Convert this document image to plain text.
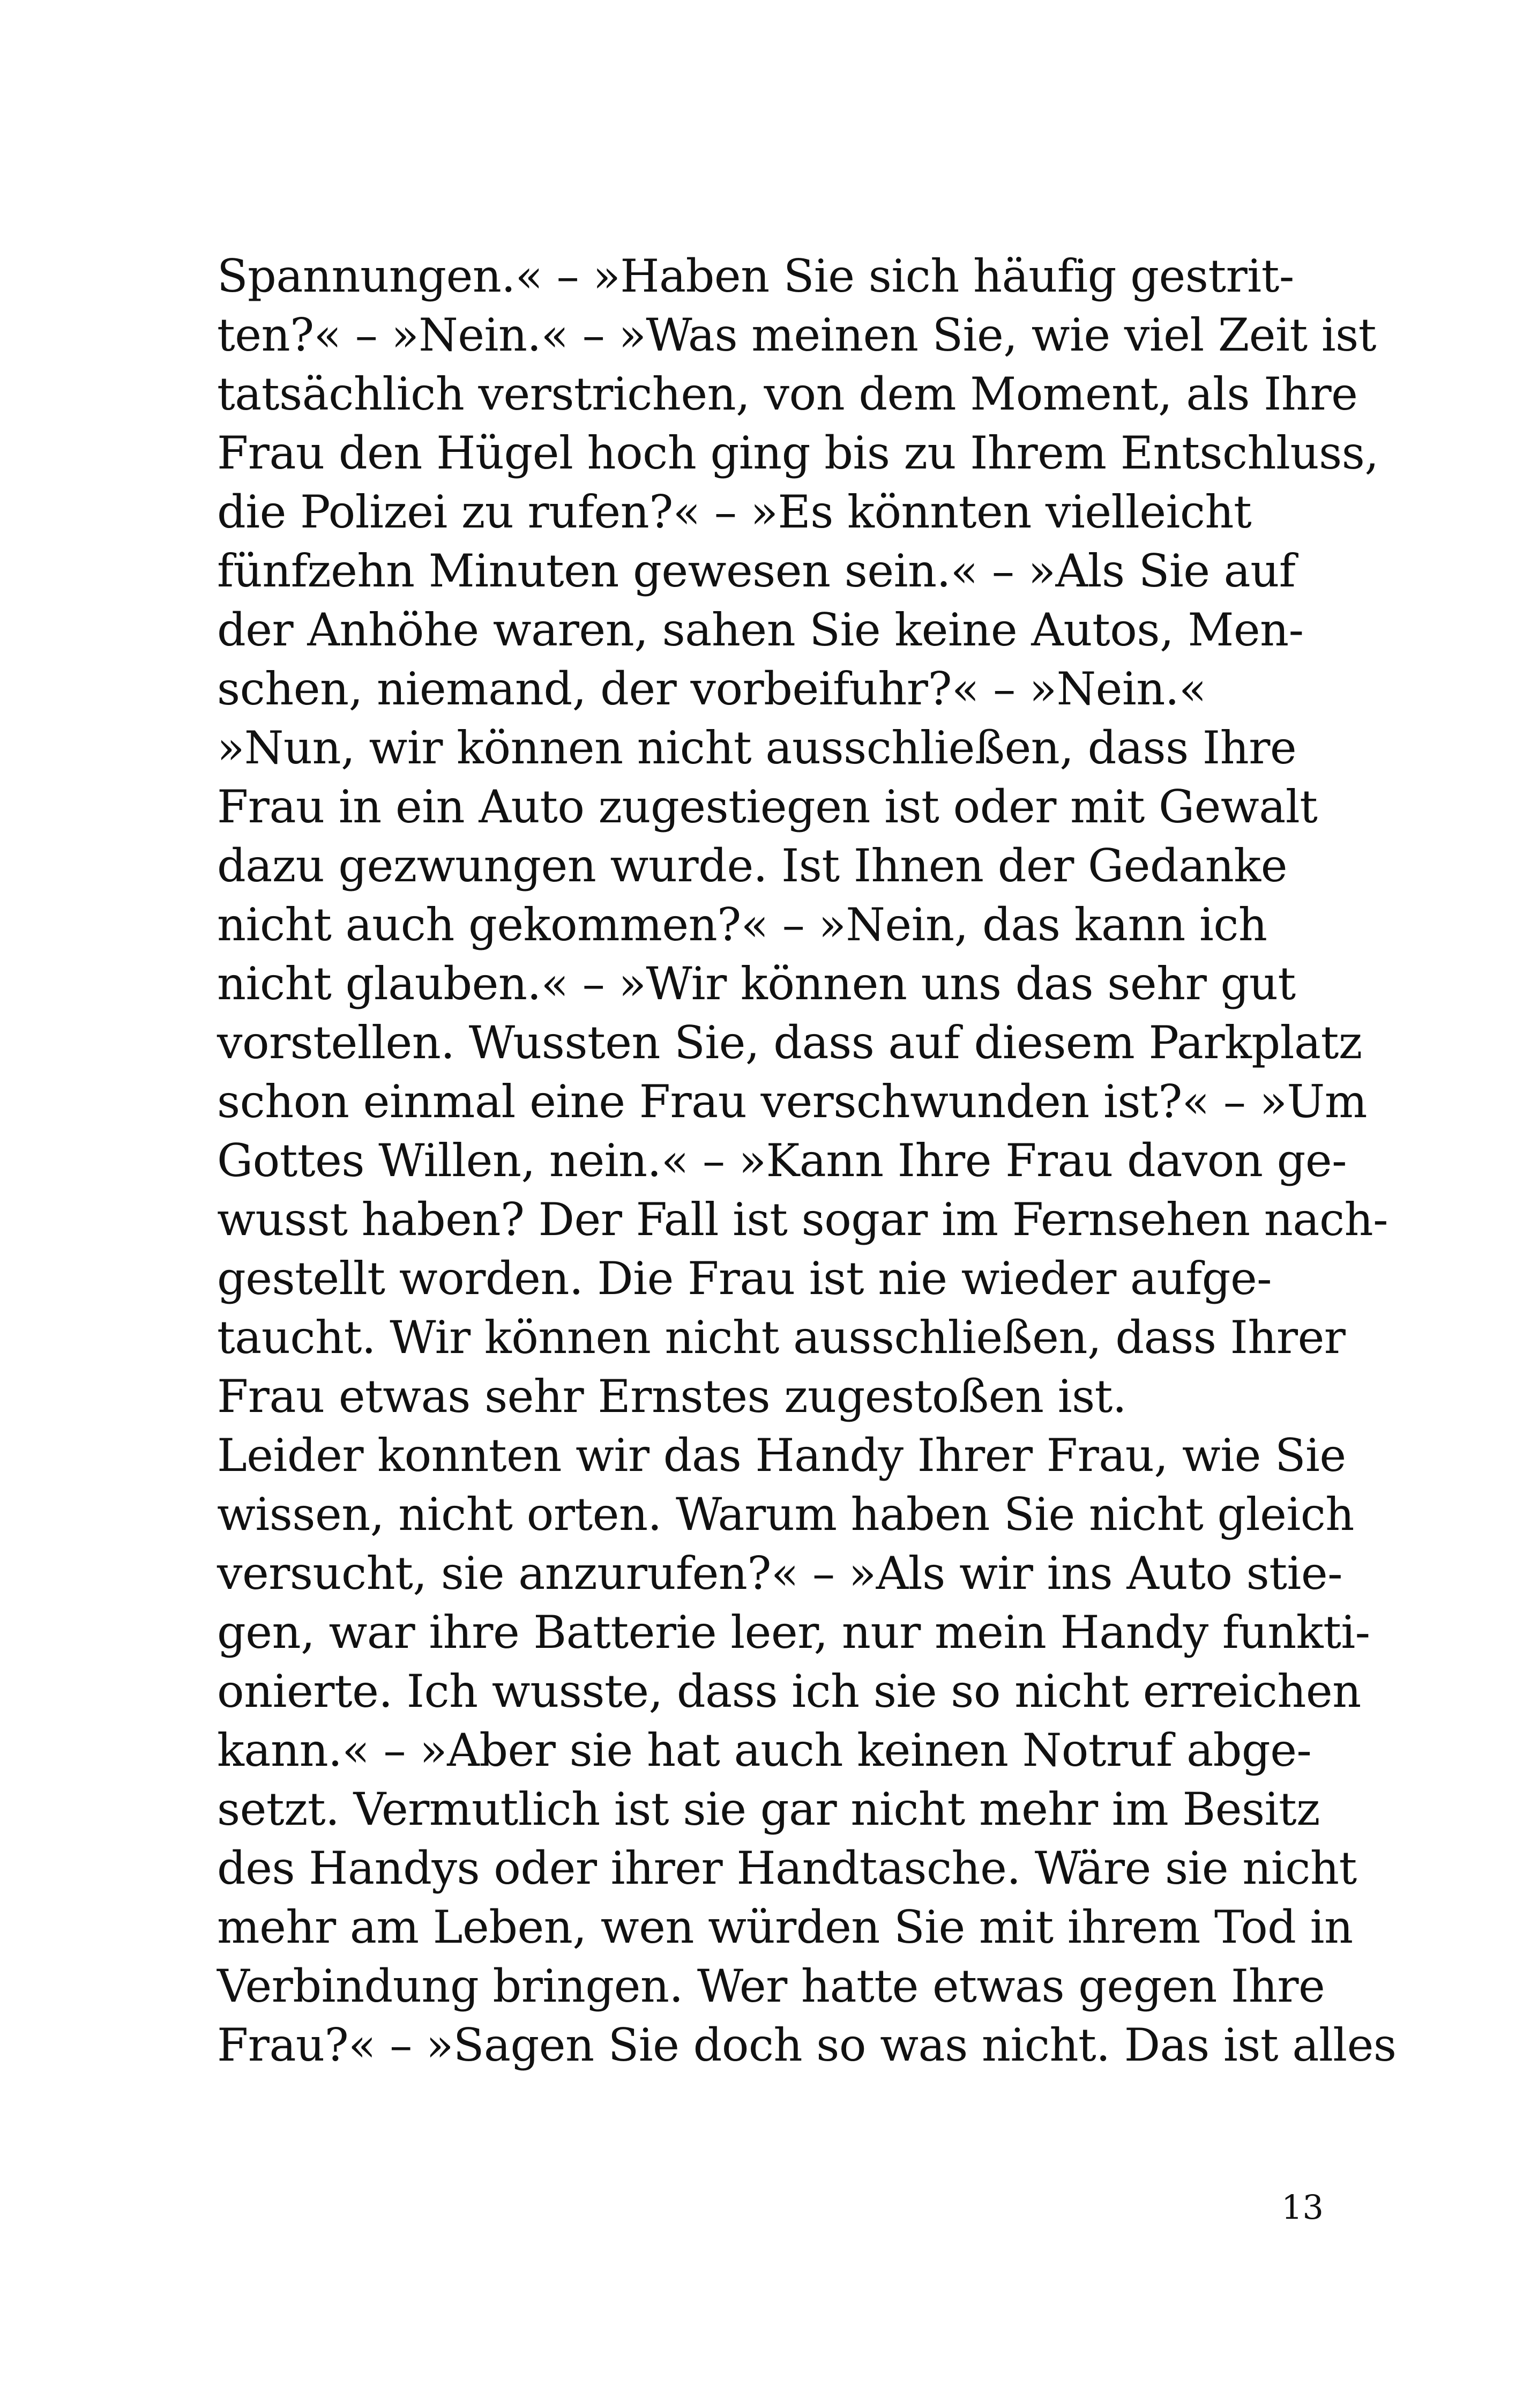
Spannungen.« – »Haben Sie sich häufig gestrit-
ten?« – »Nein.« – »Was meinen Sie, wie viel Zeit ist
tatsächlich verstrichen, von dem Moment, als Ihre
Frau den Hügel hoch ging bis zu Ihrem Entschluss,
die Polizei zu rufen?« – »Es könnten vielleicht
fünfzehn Minuten gewesen sein.« – »Als Sie auf
der Anhöhe waren, sahen Sie keine Autos, Men-
schen, niemand, der vorbeifuhr?« – »Nein.«
»Nun, wir können nicht ausschließen, dass Ihre
Frau in ein Auto zugestiegen ist oder mit Gewalt
dazu gezwungen wurde. Ist Ihnen der Gedanke
nicht auch gekommen?« – »Nein, das kann ich
nicht glauben.« – »Wir können uns das sehr gut
vorstellen. Wussten Sie, dass auf diesem Parkplatz
schon einmal eine Frau verschwunden ist?« – »Um
Gottes Willen, nein.« – »Kann Ihre Frau davon ge-
wusst haben? Der Fall ist sogar im Fernsehen nach-
gestellt worden. Die Frau ist nie wieder aufge-
taucht. Wir können nicht ausschließen, dass Ihrer
Frau etwas sehr Ernstes zugestoßen ist.
Leider konnten wir das Handy Ihrer Frau, wie Sie
wissen, nicht orten. Warum haben Sie nicht gleich
versucht, sie anzurufen?« – »Als wir ins Auto stie-
gen, war ihre Batterie leer, nur mein Handy funkti-
onierte. Ich wusste, dass ich sie so nicht erreichen
kann.« – »Aber sie hat auch keinen Notruf abge-
setzt. Vermutlich ist sie gar nicht mehr im Besitz
des Handys oder ihrer Handtasche. Wäre sie nicht
mehr am Leben, wen würden Sie mit ihrem Tod in
Verbindung bringen. Wer hatte etwas gegen Ihre
Frau?« – »Sagen Sie doch so was nicht. Das ist alles
13
